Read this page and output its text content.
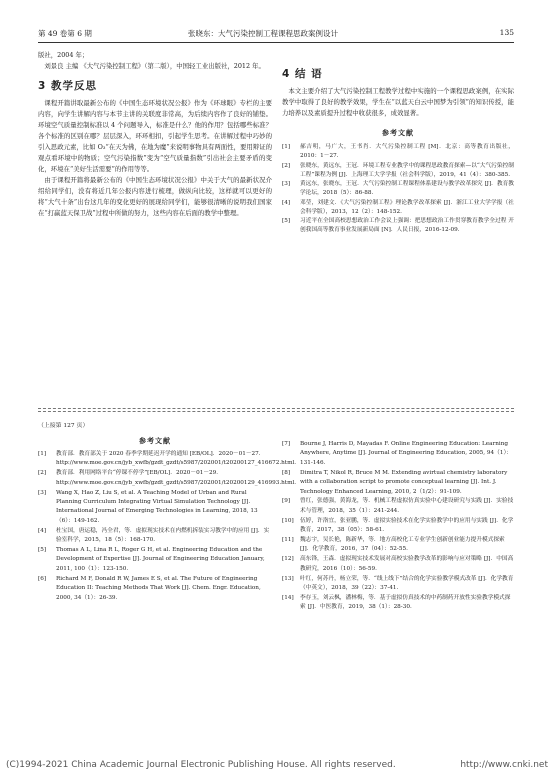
第 49 卷第 6 期	张晓东：大气污染控制工程课程思政案例设计	135

版社，2004 年；

刘景良 主编 《大气污染控制工程》（第二版），中国轻工业出版社，2012 年。

3 教学反思

课程开篇讲取最新公布的《中国生态环境状况公报》作为《环球眼》专栏的主要内容，向学生讲解内容与本节主讲的关联度非常高，为后续内容作了良好的铺垫。环境空气质量控制标准以 4 个问题导入，标准是什么？他的作用？包括哪些标准？各个标准的区别在哪？层层深入，环环相扣，引起学生思考。在讲解过程中巧妙的引入思政元素，比如 O₃“在天为佛，在地为魔”来说明事物具有两面性，要用辩证的观点看环境中的物质；空气污染指数”变为“空气质量指数”引出社会主要矛盾的变化，环境在“美好生活需要”的作用等等。

由于课程开篇将最新公布的《中国生态环境状况公报》中关于大气的最新状况介绍给同学们，没有将近几年公报内容进行梳理，做纵向比较，这样就可以更好的将“大气十条”出台这几年的变化更好的展现给同学们，能够很清晰的说明我们国家在“打赢蓝天保卫战”过程中所做的努力，这些内容在后面的教学中整理。

4 结 语

本文主要介绍了大气污染控制工程教学过程中实施的一个课程思政案例，在实际教学中取得了良好的教学效果，学生在“以蓝天白云中国梦为引领”的知识传授，能力培养以及素质提升过程中收获很多，成效显著。

参考文献
[1]	郝吉明，马广大，王书肖．大气污染控制工程 [M]．北京：高等教育出版社，2010：1－27.
[2]	张晓东，黄远东，王冠．环境工程专业教学中的课程思政教育探索—以“大气污染控制工程”课程为例 [J]．上海理工大学学报（社会科学版），2019，41（4）：380-385.
[3]	黄远东，张晓东，王冠．大气污染控制工程课程体系建设与教学改革探究 [J]．教育教学论坛，2018（5）：86-88.
[4]	邓莹，刘建文．《大气污染控制工程》理论教学改革探索 [J]．浙江工业大学学报（社会科学版），2013，12（2）：148-152.
[5]	习近平在全国高校思想政治工作会议上强调：把思想政治工作贯穿教育教学全过程 开创我国高等教育事业发展新局面 [N]．人民日报，2016-12-09.
（上接第 127 页）
参考文献
[1]	教育部．教育部关于 2020 春季学期延迟开学的通知 [EB/OL]．2020－01－27．http://www.moe.gov.cn/jyb_xwfb/gzdt_gzdt/s5987/202001/t20200127_416672.html.
[2]	教育部．利用网络平台“停课不停学”[EB/OL]．2020－01－29．http://www.moe.gov.cn/jyb_xwfb/gzdt_gzdt/s5987/202001/t20200129_416993.html.
[3]	Wang X, Hao Z, Liu S, et al. A Teaching Model of Urban and Rural Planning Curriculum Integrating Virtual Simulation Technology [J]. International Journal of Emerging Technologies in Learning, 2018, 13（6）：149-162.
[4]	杜宝国，唐运稳，冯全君，等．虚拟现实技术在内燃机拆装实习教学中的应用 [J]．实验室科学，2015，18（5）：168-170.
[5]	Thomas A L, Lina R L, Roger G H, et al. Engineering Education and the Development of Expertise [J]. Journal of Engineering Education January, 2011, 100（1）：123-150.
[6]	Richard M F, Donald R W, James E S, et al. The Future of Engineering Education II: Teaching Methods That Work [J]. Chem. Engr. Education, 2000, 34（1）：26-39.
[7]	Bourne J, Harris D, Mayadas F. Online Engineering Education: Learning Anywhere, Anytime [J]. Journal of Engineering Education, 2005, 94（1）：131-146.
[8]	Dimitra T, Nikol R, Bruce M M. Extending avirtual chemistry laboratory with a collaboration script to promote conceptual learning [J]. Int. J. Technology Enhanced Learning, 2010, 2（1/2）：91-109.
[9]	曾红，张德强，黄海龙，等．机械工程虚拟仿真实验中心建设研究与实践 [J]．实验技术与管理，2018，35（1）：241-244.
[10]	伍婷，许洛宜，张亚鹏，等．虚拟实验技术在化学实验教学中的应用与实践 [J]．化学教育，2017，38（05）：58-61.
[11]	魏志宇，吴长艳，陈新华，等．地方高校化工专业学生创新创业能力提升模式探索 [J]．化学教育，2016，37（04）：52-55.
[12]	高东锋，王森．虚拟现实技术发展对高校实验教学改革的影响与应对策略 [J]．中国高教研究，2016（10）：56-59.
[13]	叶红，何苏丹，杨立荣，等．“线上线下”结合的化学实验教学模式改革 [J]．化学教育（中英文），2018，39（22）：37-41.
[14]	李存玉，刘云枫，潘林梅，等．基于虚拟仿真技术的中药制药开放性实验教学模式探索 [J]．中医教育，2019，38（1）：28-30.
(C)1994-2021 China Academic Journal Electronic Publishing House. All rights reserved.	http://www.cnki.net
